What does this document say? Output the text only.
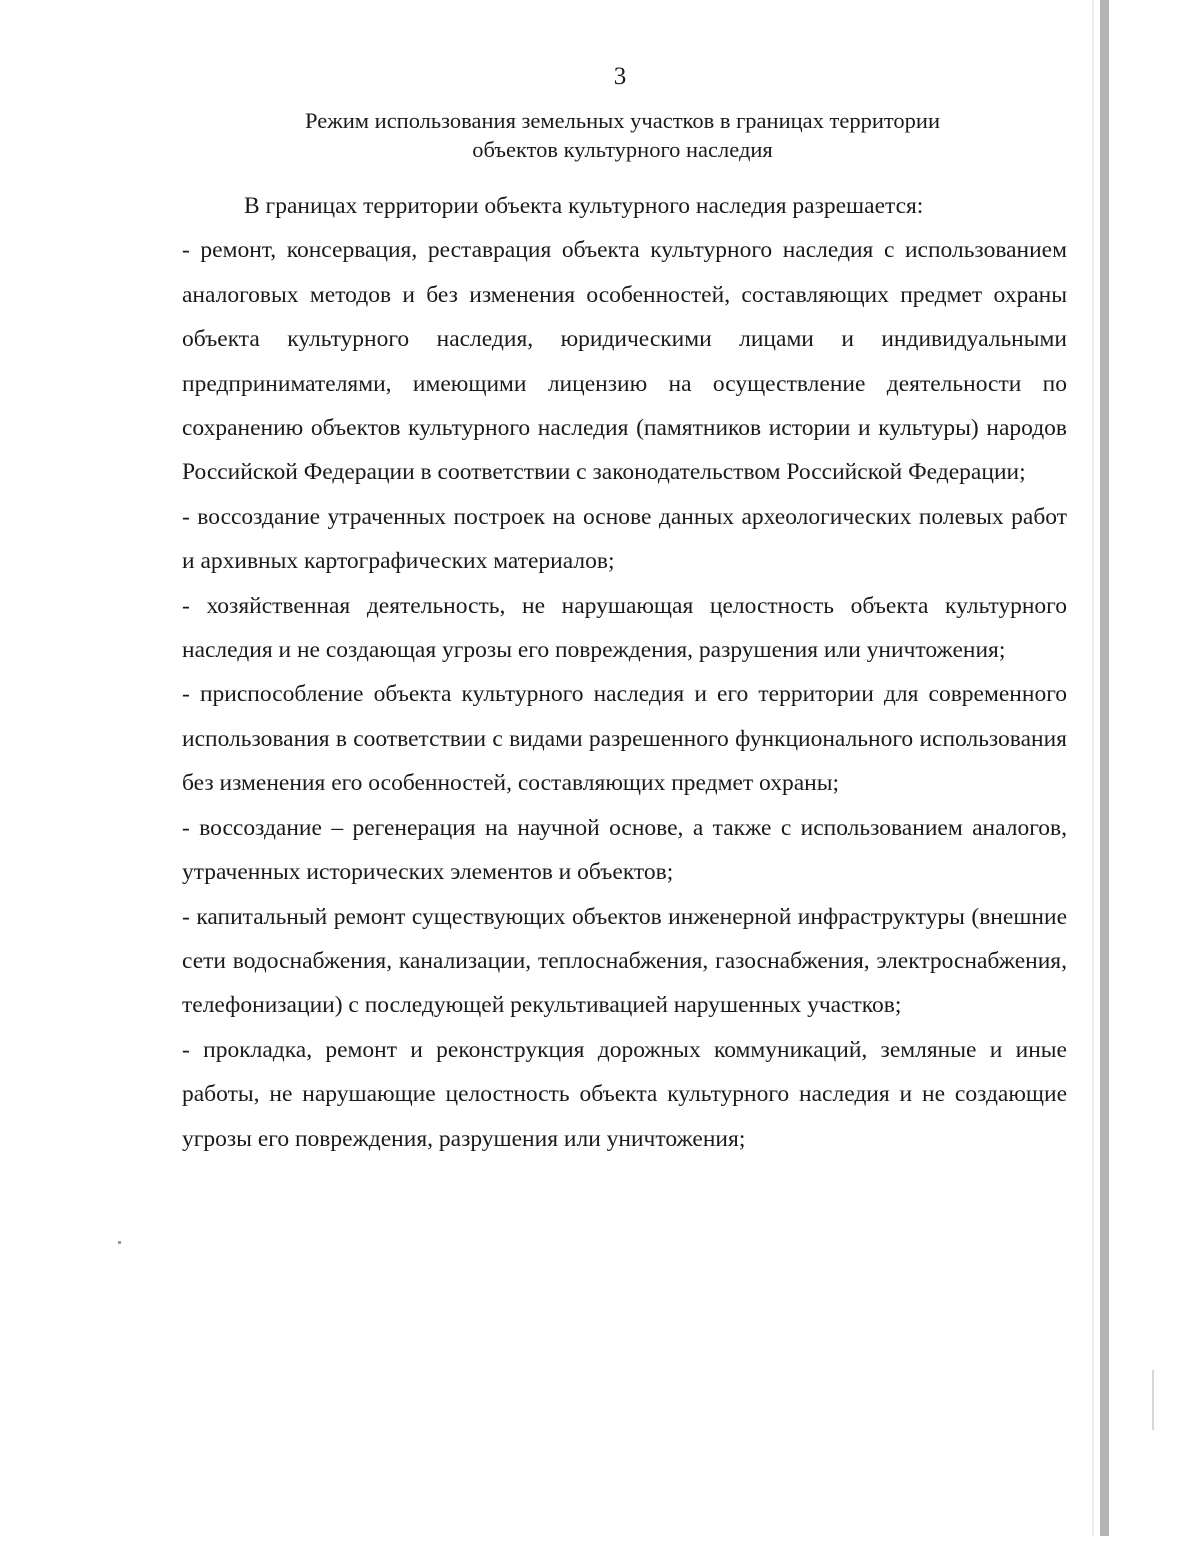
3
Режим использования земельных участков в границах территории
объектов культурного наследия

В границах территории объекта культурного наследия разрешается:

- ремонт, консервация, реставрация объекта культурного наследия с использованием аналоговых методов и без изменения особенностей, составляющих предмет охраны объекта культурного наследия, юридическими лицами и индивидуальными предпринимателями, имеющими лицензию на осуществление деятельности по сохранению объектов культурного наследия (памятников истории и культуры) народов Российской Федерации в соответствии с законодательством Российской Федерации;

- воссоздание утраченных построек на основе данных археологических полевых работ и архивных картографических материалов;

- хозяйственная деятельность, не нарушающая целостность объекта культурного наследия и не создающая угрозы его повреждения, разрушения или уничтожения;

- приспособление объекта культурного наследия и его территории для современного использования в соответствии с видами разрешенного функционального использования без изменения его особенностей, составляющих предмет охраны;

- воссоздание – регенерация на научной основе, а также с использованием аналогов, утраченных исторических элементов и объектов;

- капитальный ремонт существующих объектов инженерной инфраструктуры (внешние сети водоснабжения, канализации, теплоснабжения, газоснабжения, электроснабжения, телефонизации) с последующей рекультивацией нарушенных участков;

- прокладка, ремонт и реконструкция дорожных коммуникаций, земляные и иные работы, не нарушающие целостность объекта культурного наследия и не создающие угрозы его повреждения, разрушения или уничтожения;
